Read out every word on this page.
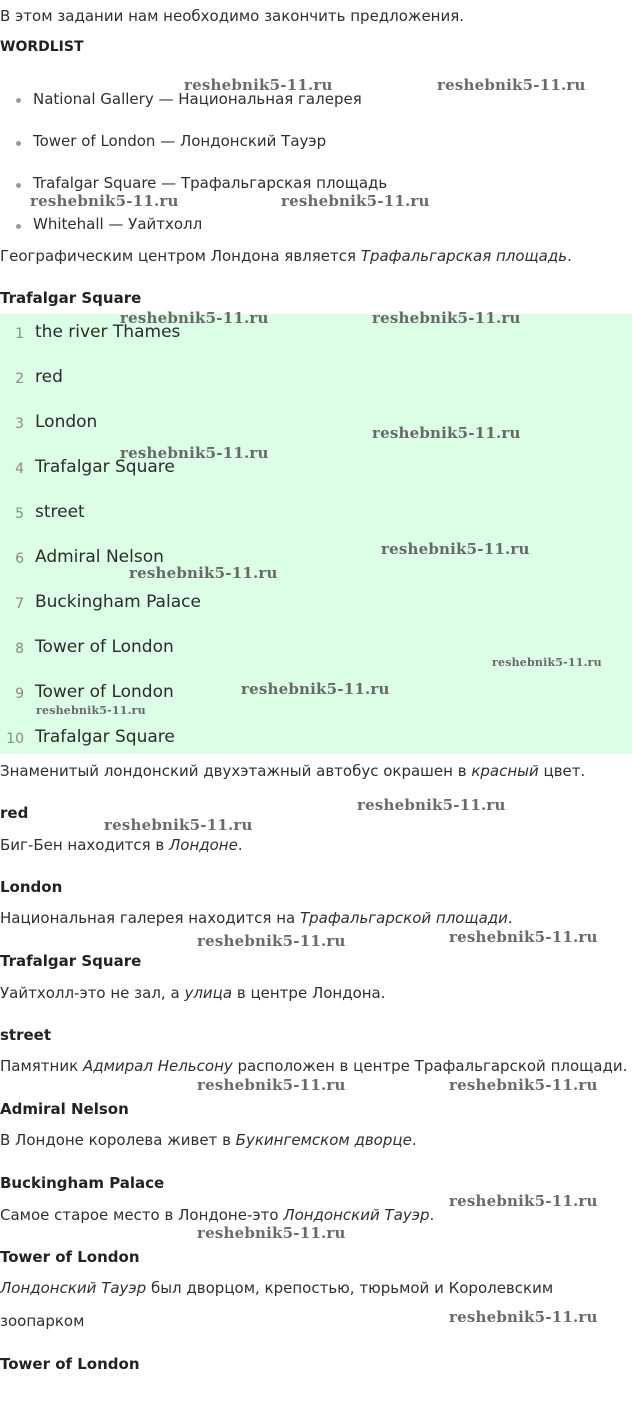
В этом задании нам необходимо закончить предложения.
WORDLIST
National Gallery — Национальная галерея
Tower of London — Лондонский Тауэр
Trafalgar Square — Трафальгарская площадь
Whitehall — Уайтхолл
Географическим центром Лондона является Трафальгарская площадь.
Trafalgar Square
1 the river Thames
2 red
3 London
4 Trafalgar Square
5 street
6 Admiral Nelson
7 Buckingham Palace
8 Tower of London
9 Tower of London
10 Trafalgar Square
Знаменитый лондонский двухэтажный автобус окрашен в красный цвет.
red
Биг-Бен находится в Лондоне.
London
Национальная галерея находится на Трафальгарской площади.
Trafalgar Square
Уайтхолл-это не зал, а улица в центре Лондона.
street
Памятник Адмирал Нельсону расположен в центре Трафальгарской площади.
Admiral Nelson
В Лондоне королева живет в Букингемском дворце.
Buckingham Palace
Самое старое место в Лондоне-это Лондонский Тауэр.
Tower of London
Лондонский Тауэр был дворцом, крепостью, тюрьмой и Королевским
зоопарком
Tower of London
reshebnik5-11.ru	reshebnik5-11.ru
reshebnik5-11.ru	reshebnik5-11.ru
reshebnik5-11.ru	reshebnik5-11.ru
reshebnik5-11.ru
reshebnik5-11.ru
reshebnik5-11.ru
reshebnik5-11.ru
reshebnik5-11.ru
reshebnik5-11.ru
reshebnik5-11.ru
reshebnik5-11.ru
reshebnik5-11.ru
reshebnik5-11.ru	reshebnik5-11.ru
reshebnik5-11.ru	reshebnik5-11.ru
reshebnik5-11.ru
reshebnik5-11.ru
reshebnik5-11.ru
